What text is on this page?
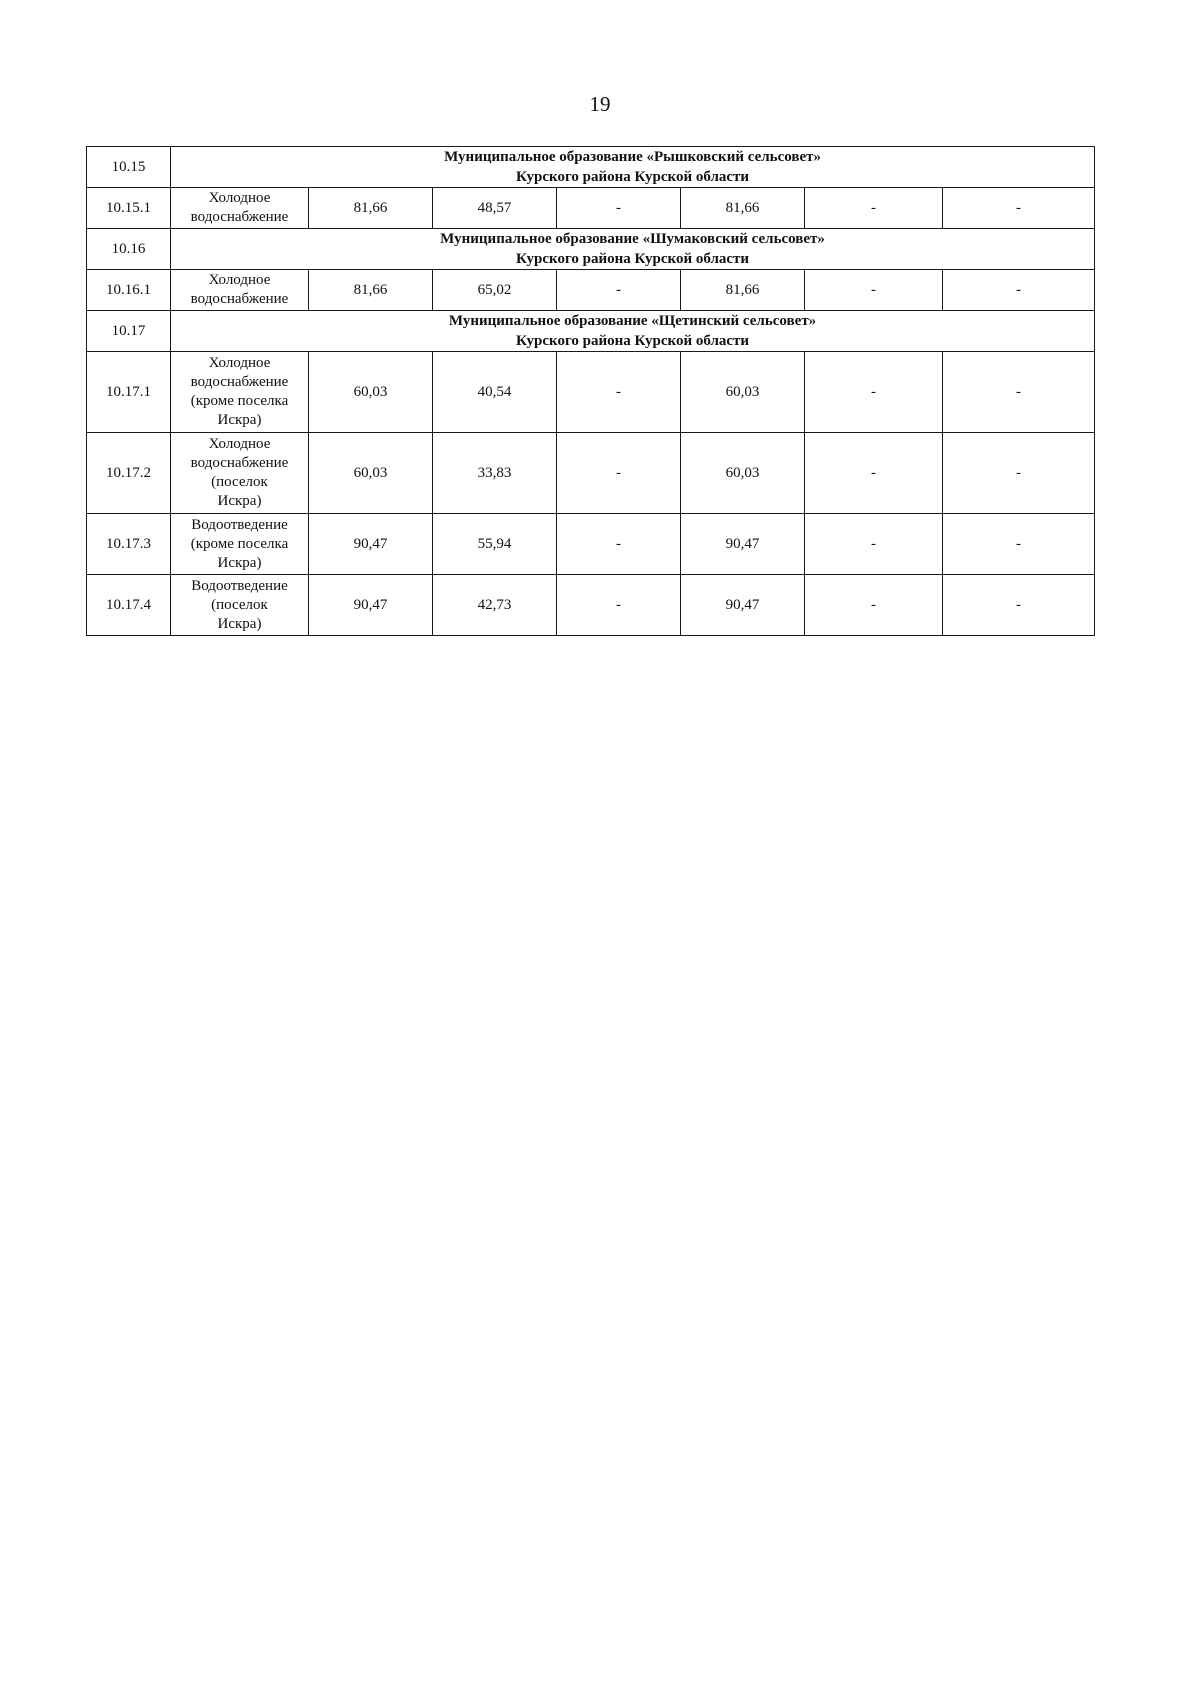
19
10.15	Муниципальное образование «Рышковский сельсовет»
Курского района Курской области						

10.15.1	Холодное
водоснабжение	81,66	48,57	-	81,66	-	-
10.16	Муниципальное образование «Шумаковский сельсовет»
Курского района Курской области						

10.16.1	Холодное
водоснабжение	81,66	65,02	-	81,66	-	-
10.17	Муниципальное образование «Щетинский сельсовет»
Курского района Курской области						

10.17.1	Холодное
водоснабжение
(кроме поселка
Искра)	60,03	40,54	-	60,03	-	-
10.17.2	Холодное
водоснабжение
(поселок
Искра)	60,03	33,83	-	60,03	-	-
10.17.3	Водоотведение
(кроме поселка
Искра)	90,47	55,94	-	90,47	-	-
10.17.4	Водоотведение
(поселок
Искра)	90,47	42,73	-	90,47	-	-
